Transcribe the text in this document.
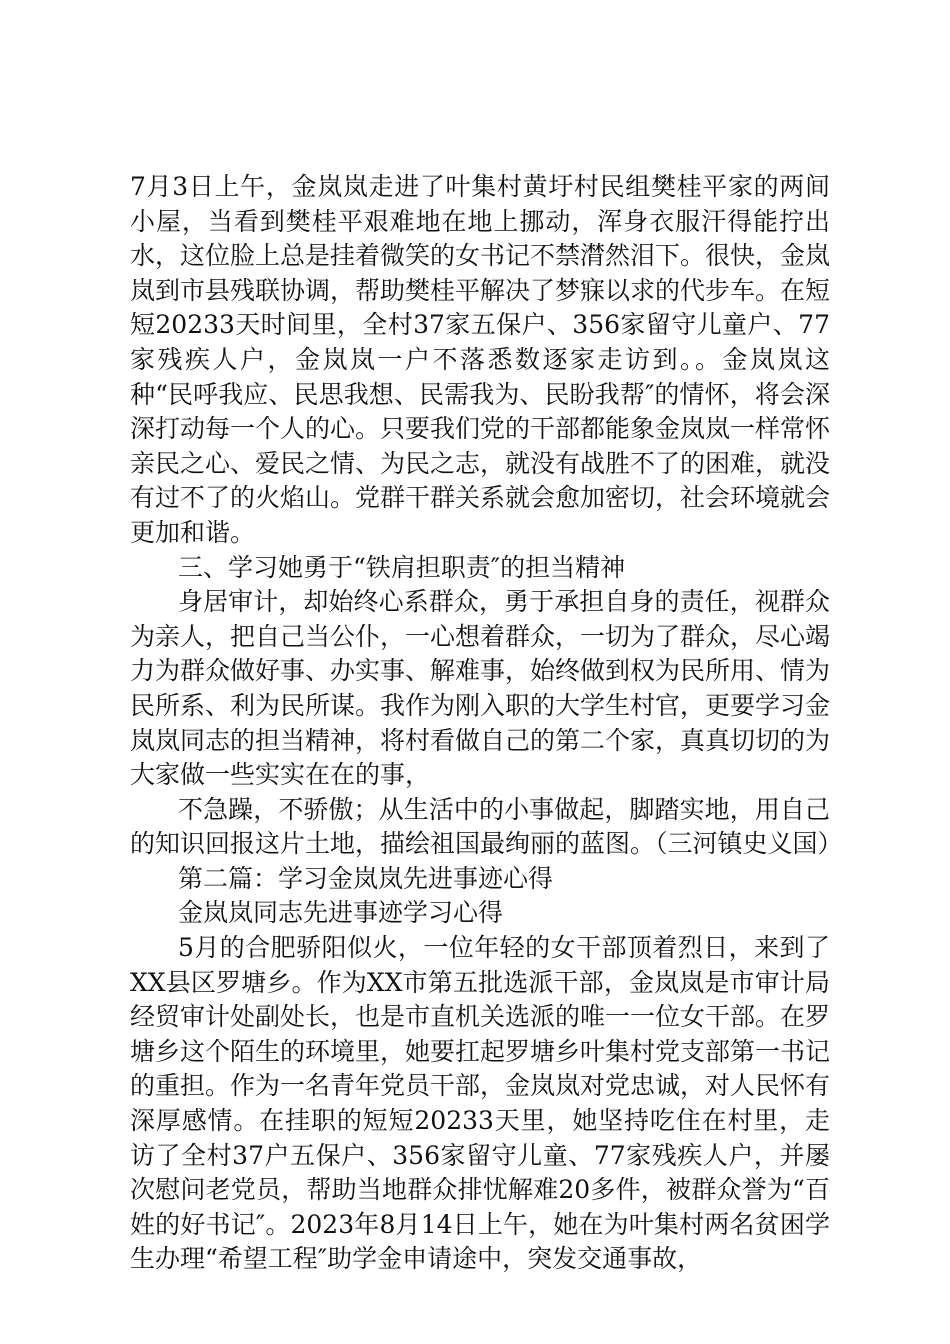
7月3日上午，金岚岚走进了叶集村黄圩村民组樊桂平家的两间小屋，当看到樊桂平艰难地在地上挪动，浑身衣服汗得能拧出水，这位脸上总是挂着微笑的女书记不禁潸然泪下。很快，金岚岚到市县残联协调，帮助樊桂平解决了梦寐以求的代步车。在短短20233天时间里，全村37家五保户、356家留守儿童户、77家残疾人户，金岚岚一户不落悉数逐家走访到。。金岚岚这种“民呼我应、民思我想、民需我为、民盼我帮″的情怀，将会深深打动每一个人的心。只要我们党的干部都能象金岚岚一样常怀亲民之心、爱民之情、为民之志，就没有战胜不了的困难，就没有过不了的火焰山。党群干群关系就会愈加密切，社会环境就会更加和谐。

三、学习她勇于“铁肩担职责″的担当精神

身居审计，却始终心系群众，勇于承担自身的责任，视群众为亲人，把自己当公仆，一心想着群众，一切为了群众，尽心竭力为群众做好事、办实事、解难事，始终做到权为民所用、情为民所系、利为民所谋。我作为刚入职的大学生村官，更要学习金岚岚同志的担当精神，将村看做自己的第二个家，真真切切的为大家做一些实实在在的事，

不急躁，不骄傲；从生活中的小事做起，脚踏实地，用自己的知识回报这片土地，描绘祖国最绚丽的蓝图。（三河镇史义国）

第二篇：学习金岚岚先进事迹心得

金岚岚同志先进事迹学习心得

5月的合肥骄阳似火，一位年轻的女干部顶着烈日，来到了XX县区罗塘乡。作为XX市第五批选派干部，金岚岚是市审计局经贸审计处副处长，也是市直机关选派的唯一一位女干部。在罗塘乡这个陌生的环境里，她要扛起罗塘乡叶集村党支部第一书记的重担。作为一名青年党员干部，金岚岚对党忠诚，对人民怀有深厚感情。在挂职的短短20233天里，她坚持吃住在村里，走访了全村37户五保户、356家留守儿童、77家残疾人户，并屡次慰问老党员，帮助当地群众排忧解难20多件，被群众誉为“百姓的好书记″。2023年8月14日上午，她在为叶集村两名贫困学生办理“希望工程″助学金申请途中，突发交通事故，
